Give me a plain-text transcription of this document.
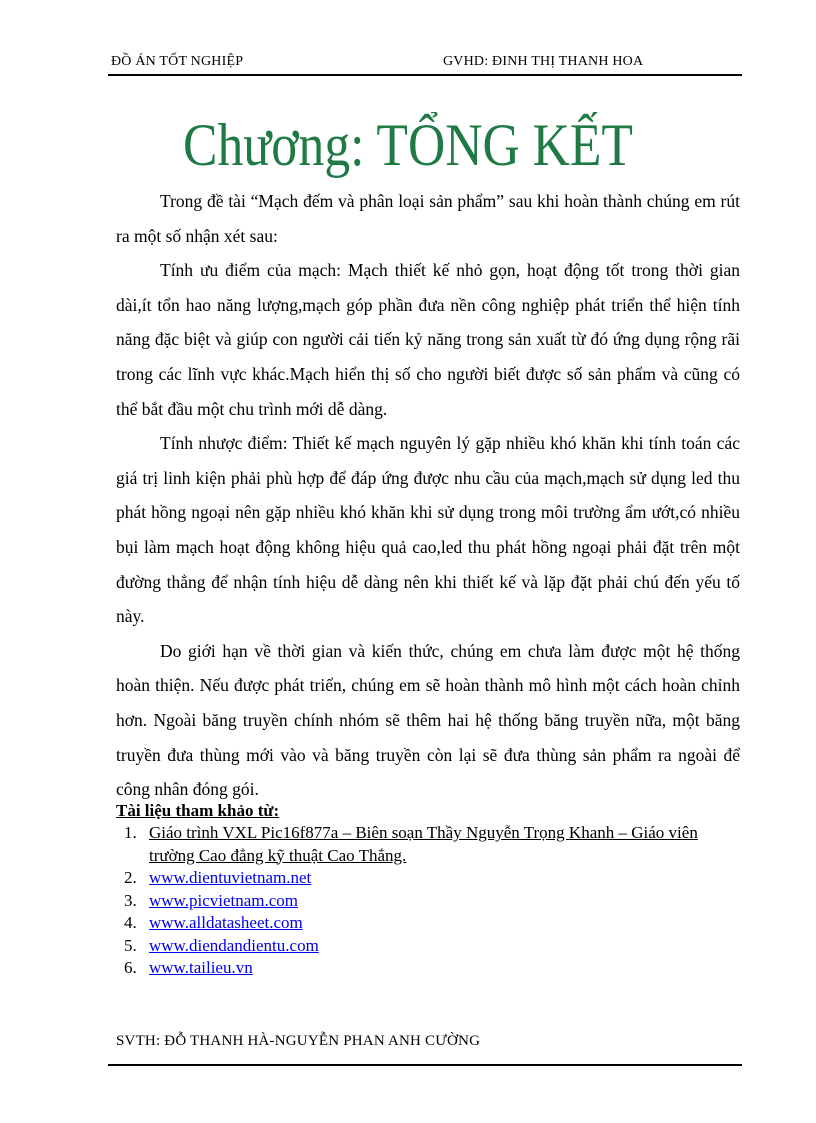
ĐỒ ÁN TỐT NGHIỆP	GVHD: ĐINH THỊ THANH HOA
Chương: TỔNG KẾT

Trong đề tài “Mạch đếm và phân loại sản phẩm” sau khi hoàn thành chúng em rút ra một số nhận xét sau:

Tính ưu điểm của mạch: Mạch thiết kế nhỏ gọn, hoạt động tốt trong thời gian dài,ít tổn hao năng lượng,mạch góp phần đưa nền công nghiệp phát triển thể hiện tính năng đặc biệt và giúp con người cải tiến kỷ năng trong sản xuất từ đó ứng dụng rộng rãi trong các lĩnh vực khác.Mạch hiển thị số cho người biết được số sản phẩm và cũng có thể bắt đầu một chu trình mới dễ dàng.

Tính nhược điểm: Thiết kế mạch nguyên lý gặp nhiều khó khăn khi tính toán các giá trị linh kiện phải phù hợp để đáp ứng được nhu cầu của mạch,mạch sử dụng led thu phát hồng ngoại nên gặp nhiều khó khăn khi sử dụng trong môi trường ẩm ướt,có nhiều bụi làm mạch hoạt động không hiệu quả cao,led thu phát hồng ngoại phải đặt trên một đường thẳng để nhận tính hiệu dễ dàng nên khi thiết kế và lặp đặt phải chú đến yếu tố này.

Do giới hạn về thời gian và kiến thức, chúng em chưa làm được một hệ thống hoàn thiện. Nếu được phát triển, chúng em sẽ hoàn thành mô hình một cách hoàn chỉnh hơn. Ngoài băng truyền chính nhóm sẽ thêm hai hệ thống băng truyền nữa, một băng truyền đưa thùng mới vào và băng truyền còn lại sẽ đưa thùng sản phẩm ra ngoài để công nhân đóng gói.

Tài liệu tham khảo từ:
1. Giáo trình VXL Pic16f877a – Biên soạn Thầy Nguyễn Trọng Khanh – Giáo viên trường Cao đẳng kỹ thuật Cao Thắng.
2. www.dientuvietnam.net
3. www.picvietnam.com
4. www.alldatasheet.com
5. www.diendandientu.com
6. www.tailieu.vn
SVTH: ĐỖ THANH HÀ-NGUYỄN PHAN ANH CƯỜNG
